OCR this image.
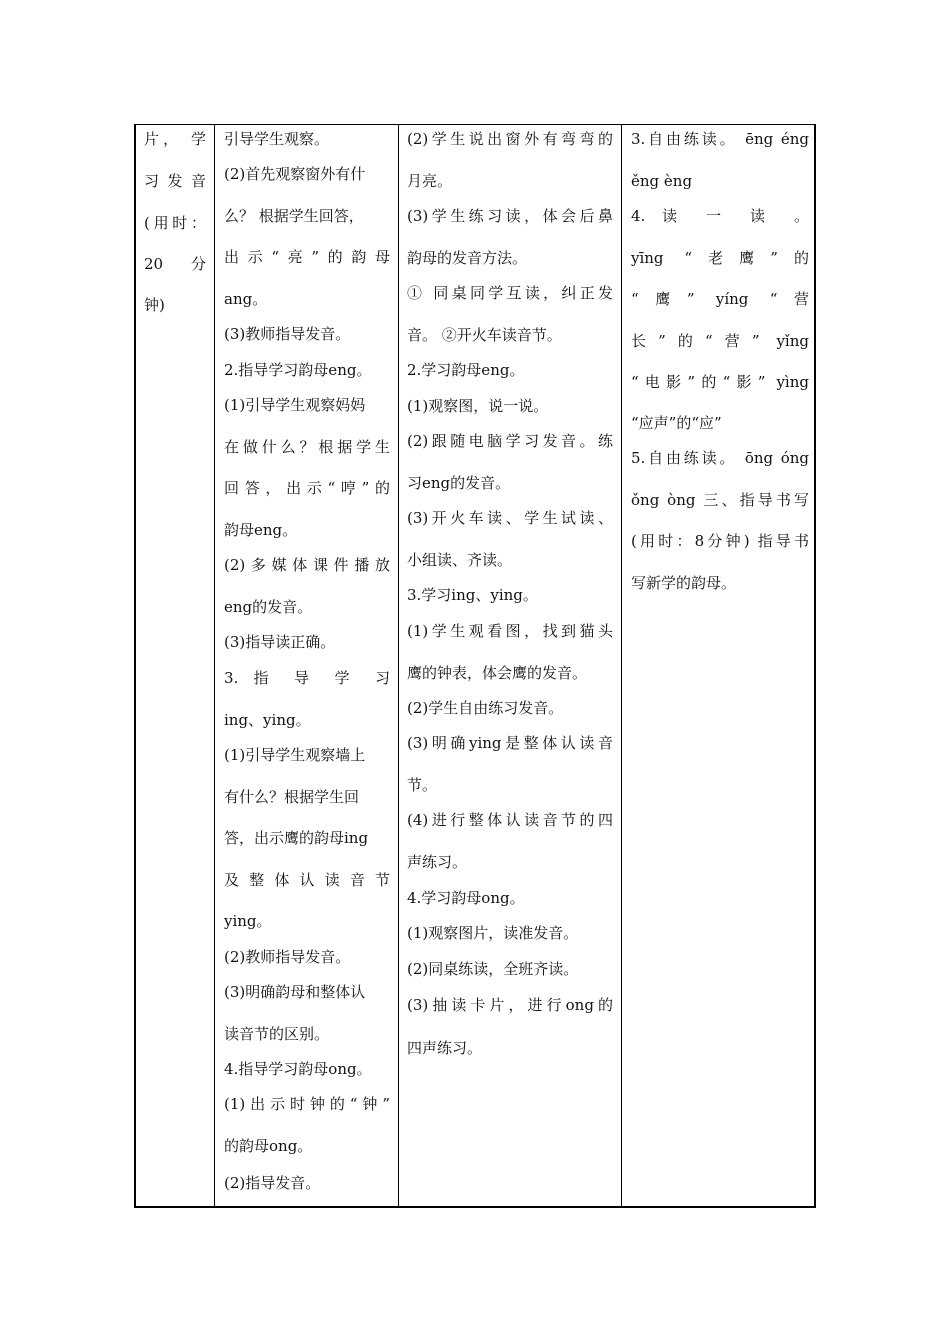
片， 学
习发音
(用时：
20 分
钟)
引导学生观察。
(2)首先观察窗外有什
么？ 根据学生回答，
出示“亮”的韵母
ang。
(3)教师指导发音。
2.指导学习韵母eng。
(1)引导学生观察妈妈
在做什么？根据学生
回答，出示“哼”的
韵母eng。
(2)多媒体课件播放
eng的发音。
(3)指导读正确。
3. 指 导 学 习
ing、ying。
(1)引导学生观察墙上
有什么？根据学生回
答，出示鹰的韵母ing
及整体认读音节
ying。
(2)教师指导发音。
(3)明确韵母和整体认
读音节的区别。
4.指导学习韵母ong。
(1)出示时钟的“钟”
的韵母ong。
(2)指导发音。
(2)学生说出窗外有弯弯的
月亮。
(3)学生练习读，体会后鼻
韵母的发音方法。
① 同桌同学互读，纠正发
音。 ②开火车读音节。
2.学习韵母eng。
(1)观察图，说一说。
(2)跟随电脑学习发音。练
习eng的发音。
(3)开火车读、学生试读、
小组读、齐读。
3.学习ing、ying。
(1)学生观看图，找到猫头
鹰的钟表，体会鹰的发音。
(2)学生自由练习发音。
(3)明确ying是整体认读音
节。
(4)进行整体认读音节的四
声练习。
4.学习韵母ong。
(1)观察图片，读准发音。
(2)同桌练读，全班齐读。
(3)抽读卡片，进行ong的
四声练习。
3.自由练读。 ēng éng
ěng èng
4. 读 一 读 。
yīng “老鹰”的
“鹰” yíng “营
长”的“营” yǐng
“电影”的“影” yìng
“应声”的“应”
5.自由练读。 ōng óng
ǒng òng 三、指导书写
(用时：8分钟) 指导书
写新学的韵母。
